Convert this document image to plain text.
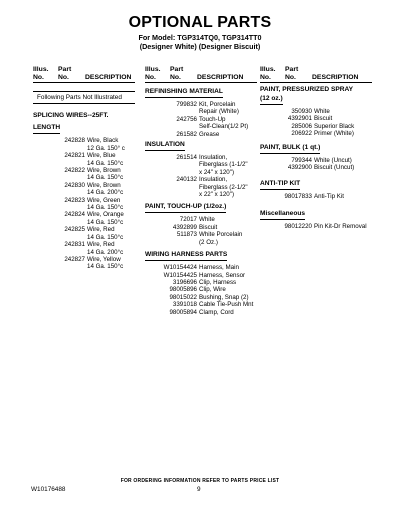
OPTIONAL PARTS
For Model: TGP314TQ0, TGP314TT0
(Designer White) (Designer Biscuit)
Illus. Part
No. No. DESCRIPTION
Following Parts Not Illustrated
SPLICING WIRES--25FT.
LENGTH
242828 Wire, Black
12 Ga. 150° c
242821 Wire, Blue
14 Ga. 150°c
242822 Wire, Brown
14 Ga. 150°c
242830 Wire, Brown
14 Ga. 200°c
242823 Wire, Green
14 Ga. 150°c
242824 Wire, Orange
14 Ga. 150°c
242825 Wire, Red
14 Ga. 150°c
242831 Wire, Red
14 Ga. 200°c
242827 Wire, Yellow
14 Ga. 150°c
Illus. Part
No. No. DESCRIPTION
REFINISHING MATERIAL
799832 Kit, Porcelain
Repair (White)
242756 Touch-Up
Self-Clean(1/2 Pt)
261582 Grease
INSULATION
261514 Insulation,
Fiberglass (1-1/2"
x 24" x 120")
240132 Insulation,
Fiberglass (2-1/2"
x 22" x 120")
PAINT, TOUCH-UP (1/2oz.)
72017 White
4392899 Biscuit
511873 White Porcelain
(2 Oz.)
WIRING HARNESS PARTS
W10154424 Harness, Main
W10154425 Harness, Sensor
3196696 Clip, Harness
98005896 Clip, Wire
98015022 Bushing, Snap (2)
3391018 Cable Tie-Push Mnt
98005894 Clamp, Cord
Illus. Part
No. No. DESCRIPTION
PAINT, PRESSURIZED SPRAY
(12 oz.)
350930 White
4392901 Biscuit
285006 Superior Black
206922 Primer (White)
PAINT, BULK (1 qt.)
799344 White (Uncut)
4392900 Biscuit (Uncut)
ANTI-TIP KIT
98017833 Anti-Tip Kit
Miscellaneous
98012220 Pin Kit-Dr Removal
FOR ORDERING INFORMATION REFER TO PARTS PRICE LIST
W10176488	9
